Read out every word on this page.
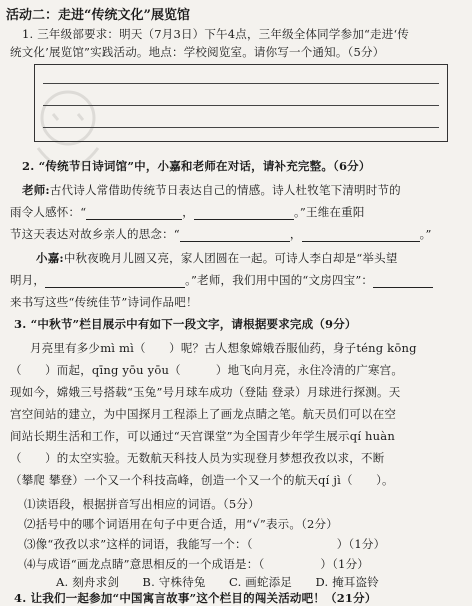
活动二：走进“传统文化”展览馆
1. 三年级部要求：明天（7月3日）下午4点，三年级全体同学参加“走进‘传
统文化’展览馆”实践活动。地点：学校阅览室。请你写一个通知。（5分）
2. “传统节日诗词馆”中，小嘉和老师在对话，请补充完整。（6分）
老师:古代诗人常借助传统节日表达自己的情感。诗人杜牧笔下清明时节的
雨令人感怀：“	，	。”王维在重阳
节这天表达对故乡亲人的思念：“	，	。”
小嘉:中秋夜晚月儿圆又亮，家人团圆在一起。可诗人李白却是“举头望
明月，	。”老师，我们用中国的“文房四宝”：
来书写这些“传统佳节”诗词作品吧！
3. “中秋节”栏目展示中有如下一段文字，请根据要求完成（9分）
月亮里有多少mì mì（　　）呢？古人想象嫦娥吞服仙药，身子téng kōng
（　　）而起，qīng yōu yōu（　　　）地飞向月亮，永住冷清的广寒宫。
现如今，嫦娥三号搭载“玉兔”号月球车成功（登陆 登录）月球进行探测。天
宫空间站的建立，为中国探月工程添上了画龙点睛之笔。航天员们可以在空
间站长期生活和工作，可以通过“天宫课堂”为全国青少年学生展示qí huàn
（　　）的太空实验。无数航天科技人员为实现登月梦想孜孜以求，不断
（攀爬 攀登）一个又一个科技高峰，创造一个又一个的航天qí jì（　　）。
⑴读语段，根据拼音写出相应的词语。（5分）
⑵括号中的哪个词语用在句子中更合适，用“√”表示。（2分）
⑶像“孜孜以求”这样的词语，我能写一个：（	）（1分）
⑷与成语“画龙点睛”意思相反的一个成语是：（	）（1分）
A. 刻舟求剑　　B. 守株待兔　　C. 画蛇添足　　D. 掩耳盗铃
4. 让我们一起参加“中国寓言故事”这个栏目的闯关活动吧！（21分）
